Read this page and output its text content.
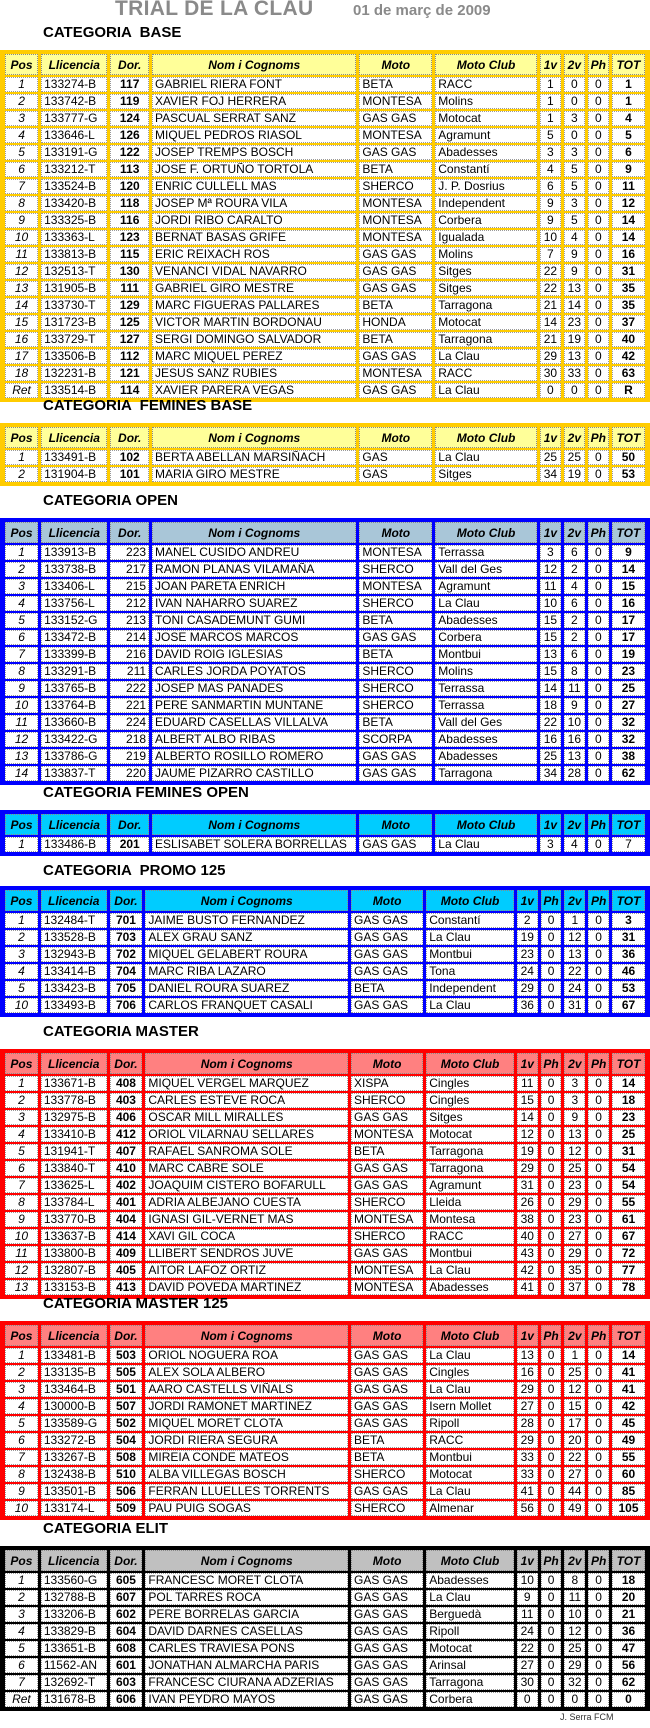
TRIAL DE LA CLAU	01 de març de 2009
CATEGORIA  BASE
Pos	Llicencia	Dor.	Nom i Cognoms	Moto	Moto Club	1v	2v	Ph	TOT
1	133274-B	117	GABRIEL RIERA FONT	BETA	RACC	1	0	0	1
2	133742-B	119	XAVIER FOJ HERRERA	MONTESA	Molins	1	0	0	1
3	133777-G	124	PASCUAL SERRAT SANZ	GAS GAS	Motocat	1	3	0	4
4	133646-L	126	MIQUEL PEDROS RIASOL	MONTESA	Agramunt	5	0	0	5
5	133191-G	122	JOSEP TREMPS BOSCH	GAS GAS	Abadesses	3	3	0	6
6	133212-T	113	JOSE F. ORTUÑO TORTOLA	BETA	Constantí	4	5	0	9
7	133524-B	120	ENRIC CULLELL MAS	SHERCO	J. P. Dosrius	6	5	0	11
8	133420-B	118	JOSEP Mª ROURA VILA	MONTESA	Independent	9	3	0	12
9	133325-B	116	JORDI RIBO CARALTO	MONTESA	Corbera	9	5	0	14
10	133363-L	123	BERNAT BASAS GRIFE	MONTESA	Igualada	10	4	0	14
11	133813-B	115	ERIC REIXACH ROS	GAS GAS	Molins	7	9	0	16
12	132513-T	130	VENANCI VIDAL NAVARRO	GAS GAS	Sitges	22	9	0	31
13	131905-B	111	GABRIEL GIRO MESTRE	GAS GAS	Sitges	22	13	0	35
14	133730-T	129	MARC FIGUERAS PALLARES	BETA	Tarragona	21	14	0	35
15	131723-B	125	VICTOR MARTIN BORDONAU	HONDA	Motocat	14	23	0	37
16	133729-T	127	SERGI DOMINGO SALVADOR	BETA	Tarragona	21	19	0	40
17	133506-B	112	MARC MIQUEL PEREZ	GAS GAS	La Clau	29	13	0	42
18	132231-B	121	JESUS SANZ RUBIES	MONTESA	RACC	30	33	0	63
Ret	133514-B	114	XAVIER PARERA VEGAS	GAS GAS	La Clau	0	0	0	R
CATEGORIA  FEMINES BASE
Pos	Llicencia	Dor.	Nom i Cognoms	Moto	Moto Club	1v	2v	Ph	TOT
1	133491-B	102	BERTA ABELLAN MARSIÑACH	GAS	La Clau	25	25	0	50
2	131904-B	101	MARIA GIRO MESTRE	GAS	Sitges	34	19	0	53
CATEGORIA OPEN
Pos	Llicencia	Dor.	Nom i Cognoms	Moto	Moto Club	1v	2v	Ph	TOT
1	133913-B	223	MANEL CUSIDO ANDREU	MONTESA	Terrassa	3	6	0	9
2	133738-B	217	RAMON PLANAS VILAMAÑA	SHERCO	Vall del Ges	12	2	0	14
3	133406-L	215	JOAN PARETA ENRICH	MONTESA	Agramunt	11	4	0	15
4	133756-L	212	IVAN NAHARRO SUAREZ	SHERCO	La Clau	10	6	0	16
5	133152-G	213	TONI CASADEMUNT GUMI	BETA	Abadesses	15	2	0	17
6	133472-B	214	JOSE MARCOS MARCOS	GAS GAS	Corbera	15	2	0	17
7	133399-B	216	DAVID ROIG IGLESIAS	BETA	Montbui	13	6	0	19
8	133291-B	211	CARLES JORDA POYATOS	SHERCO	Molins	15	8	0	23
9	133765-B	222	JOSEP MAS PANADES	SHERCO	Terrassa	14	11	0	25
10	133764-B	221	PERE SANMARTIN MUNTANE	SHERCO	Terrassa	18	9	0	27
11	133660-B	224	EDUARD CASELLAS VILLALVA	BETA	Vall del Ges	22	10	0	32
12	133422-G	218	ALBERT ALBO RIBAS	SCORPA	Abadesses	16	16	0	32
13	133786-G	219	ALBERTO ROSILLO ROMERO	GAS GAS	Abadesses	25	13	0	38
14	133837-T	220	JAUME PIZARRO CASTILLO	GAS GAS	Tarragona	34	28	0	62
CATEGORIA FEMINES OPEN
Pos	Llicencia	Dor.	Nom i Cognoms	Moto	Moto Club	1v	2v	Ph	TOT
1	133486-B	201	ESLISABET SOLERA BORRELLAS	GAS GAS	La Clau	3	4	0	7
CATEGORIA  PROMO 125
Pos	Llicencia	Dor.	Nom i Cognoms	Moto	Moto Club	1v	Ph	2v	Ph	TOT
1	132484-T	701	JAIME BUSTO FERNANDEZ	GAS GAS	Constantí	2	0	1	0	3
2	133528-B	703	ALEX GRAU SANZ	GAS GAS	La Clau	19	0	12	0	31
3	132943-B	702	MIQUEL GELABERT ROURA	GAS GAS	Montbui	23	0	13	0	36
4	133414-B	704	MARC RIBA LAZARO	GAS GAS	Tona	24	0	22	0	46
5	133423-B	705	DANIEL ROURA SUAREZ	BETA	Independent	29	0	24	0	53
10	133493-B	706	CARLOS FRANQUET CASALI	GAS GAS	La Clau	36	0	31	0	67
CATEGORIA MASTER
Pos	Llicencia	Dor.	Nom i Cognoms	Moto	Moto Club	1v	Ph	2v	Ph	TOT
1	133671-B	408	MIQUEL VERGEL MARQUEZ	XISPA	Cingles	11	0	3	0	14
2	133778-B	403	CARLES ESTEVE ROCA	SHERCO	Cingles	15	0	3	0	18
3	132975-B	406	OSCAR MILL MIRALLES	GAS GAS	Sitges	14	0	9	0	23
4	133410-B	412	ORIOL VILARNAU SELLARES	MONTESA	Motocat	12	0	13	0	25
5	131941-T	407	RAFAEL SANROMA SOLE	BETA	Tarragona	19	0	12	0	31
6	133840-T	410	MARC CABRE SOLE	GAS GAS	Tarragona	29	0	25	0	54
7	133625-L	402	JOAQUIM CISTERO BOFARULL	GAS GAS	Agramunt	31	0	23	0	54
8	133784-L	401	ADRIA ALBEJANO CUESTA	SHERCO	Lleida	26	0	29	0	55
9	133770-B	404	IGNASI GIL-VERNET MAS	MONTESA	Montesa	38	0	23	0	61
10	133637-B	414	XAVI GIL COCA	SHERCO	RACC	40	0	27	0	67
11	133800-B	409	LLIBERT SENDROS JUVE	GAS GAS	Montbui	43	0	29	0	72
12	132807-B	405	AITOR LAFOZ ORTIZ	MONTESA	La Clau	42	0	35	0	77
13	133153-B	413	DAVID POVEDA MARTINEZ	MONTESA	Abadesses	41	0	37	0	78
CATEGORIA MASTER 125
Pos	Llicencia	Dor.	Nom i Cognoms	Moto	Moto Club	1v	Ph	2v	Ph	TOT
1	133481-B	503	ORIOL NOGUERA ROA	GAS GAS	La Clau	13	0	1	0	14
2	133135-B	505	ALEX SOLA ALBERO	GAS GAS	Cingles	16	0	25	0	41
3	133464-B	501	AARO CASTELLS VIÑALS	GAS GAS	La Clau	29	0	12	0	41
4	130000-B	507	JORDI RAMONET MARTINEZ	GAS GAS	Isern Mollet	27	0	15	0	42
5	133589-G	502	MIQUEL MORET CLOTA	GAS GAS	Ripoll	28	0	17	0	45
6	133272-B	504	JORDI RIERA SEGURA	BETA	RACC	29	0	20	0	49
7	133267-B	508	MIREIA CONDE MATEOS	BETA	Montbui	33	0	22	0	55
8	132438-B	510	ALBA VILLEGAS BOSCH	SHERCO	Motocat	33	0	27	0	60
9	133501-B	506	FERRAN LLUELLES TORRENTS	GAS GAS	La Clau	41	0	44	0	85
10	133174-L	509	PAU PUIG SOGAS	SHERCO	Almenar	56	0	49	0	105
CATEGORIA ELIT
Pos	Llicencia	Dor.	Nom i Cognoms	Moto	Moto Club	1v	Ph	2v	Ph	TOT
1	133560-G	605	FRANCESC MORET CLOTA	GAS GAS	Abadesses	10	0	8	0	18
2	132788-B	607	POL TARRES ROCA	GAS GAS	La Clau	9	0	11	0	20
3	133206-B	602	PERE BORRELAS GARCIA	GAS GAS	Berguedà	11	0	10	0	21
4	133829-B	604	DAVID DARNES CASELLAS	GAS GAS	Ripoll	24	0	12	0	36
5	133651-B	608	CARLES TRAVIESA PONS	GAS GAS	Motocat	22	0	25	0	47
6	11562-AN	601	JONATHAN ALMARCHA PARIS	GAS GAS	Arinsal	27	0	29	0	56
7	132692-T	603	FRANCESC CIURANA ADZERIAS	GAS GAS	Tarragona	30	0	32	0	62
Ret	131678-B	606	IVAN PEYDRO MAYOS	GAS GAS	Corbera	0	0	0	0	0
J. Serra FCM
